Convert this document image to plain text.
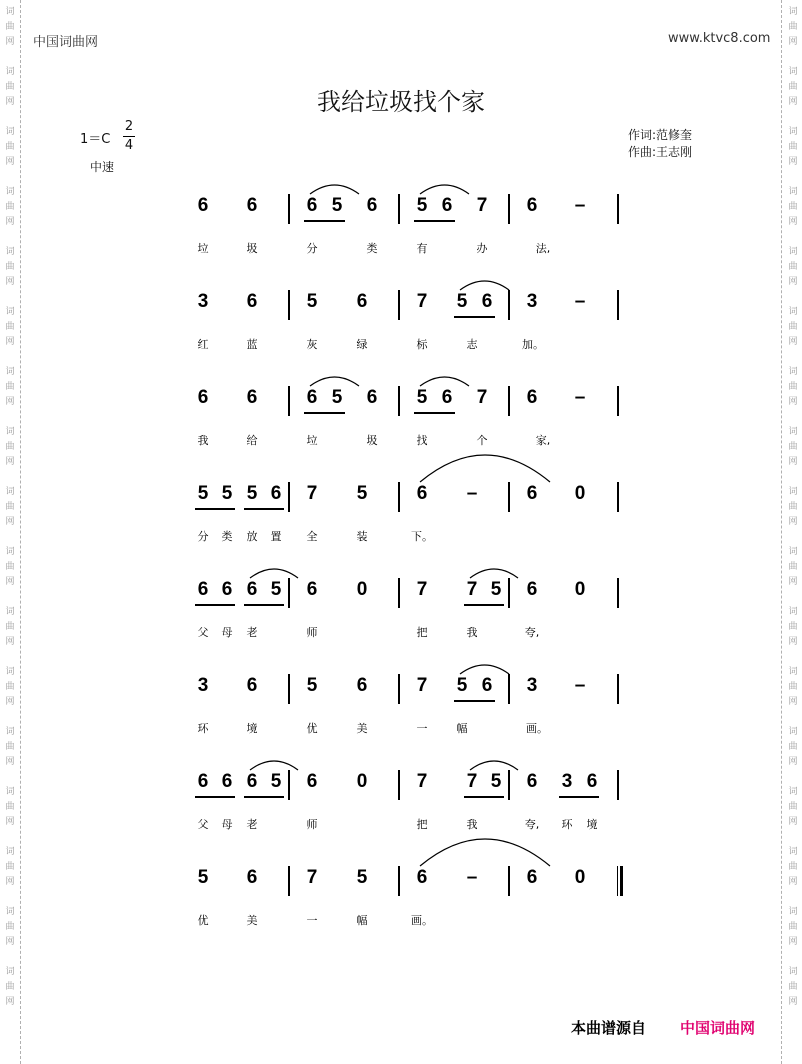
词
曲
网
词
曲
网
词
曲
网
词
曲
网
词
曲
网
词
曲
网
词
曲
网
词
曲
网
词
曲
网
词
曲
网
词
曲
网
词
曲
网
词
曲
网
词
曲
网
词
曲
网
词
曲
网
词
曲
网
词
曲
网
词
曲
网
词
曲
网
词
曲
网
词
曲
网
词
曲
网
词
曲
网
词
曲
网
词
曲
网
词
曲
网
词
曲
网
词
曲
网
词
曲
网
词
曲
网
词
曲
网
词
曲
网
词
曲
网
中国词曲网	www.ktvc8.com
我给垃圾找个家
1＝C
2
4
中速
作词:范修奎
作曲:王志刚
6	6	6 5	6	5 6	7	6	–
垃	圾	分	类	有	办	法,
3	6	5	6	7	5 6	3	–
红	蓝	灰	绿	标	志	加。
6	6	6 5	6	5 6	7	6	–
我	给	垃	圾	找	个	家,
5 5 5 6	7	5	6	–	6	0
分	类	放	置	全	装	下。
6 6 6 5	6	0	7	7 5	6	0
父	母	老	师	把	我	夸,
3	6	5	6	7	5 6	3	–
环	境	优	美	一	幅	画。
6 6 6 5	6	0	7	7 5	6	3 6
父	母	老	师	把	我	夸,	环	境
5	6	7	5	6	–	6	0
优	美	一	幅	画。
本曲谱源自 中国词曲网
